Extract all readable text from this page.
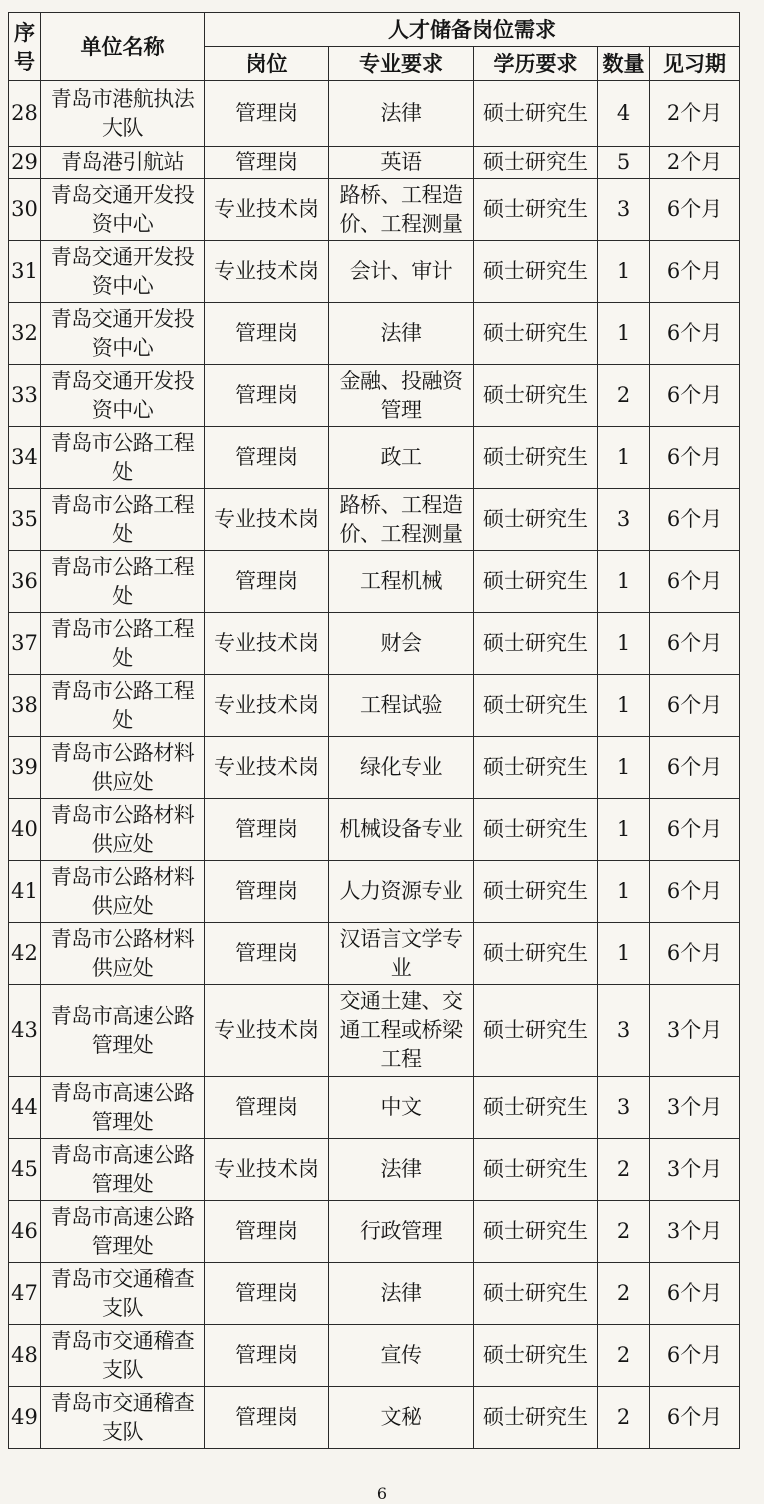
序号	单位名称	人才储备岗位需求				
		岗位	专业要求	学历要求	数量	见习期
28	青岛市港航执法大队	管理岗	法律	硕士研究生	4	2个月
29	青岛港引航站	管理岗	英语	硕士研究生	5	2个月
30	青岛交通开发投资中心	专业技术岗	路桥、工程造价、工程测量	硕士研究生	3	6个月
31	青岛交通开发投资中心	专业技术岗	会计、审计	硕士研究生	1	6个月
32	青岛交通开发投资中心	管理岗	法律	硕士研究生	1	6个月
33	青岛交通开发投资中心	管理岗	金融、投融资管理	硕士研究生	2	6个月
34	青岛市公路工程处	管理岗	政工	硕士研究生	1	6个月
35	青岛市公路工程处	专业技术岗	路桥、工程造价、工程测量	硕士研究生	3	6个月
36	青岛市公路工程处	管理岗	工程机械	硕士研究生	1	6个月
37	青岛市公路工程处	专业技术岗	财会	硕士研究生	1	6个月
38	青岛市公路工程处	专业技术岗	工程试验	硕士研究生	1	6个月
39	青岛市公路材料供应处	专业技术岗	绿化专业	硕士研究生	1	6个月
40	青岛市公路材料供应处	管理岗	机械设备专业	硕士研究生	1	6个月
41	青岛市公路材料供应处	管理岗	人力资源专业	硕士研究生	1	6个月
42	青岛市公路材料供应处	管理岗	汉语言文学专业	硕士研究生	1	6个月
43	青岛市高速公路管理处	专业技术岗	交通土建、交通工程或桥梁工程	硕士研究生	3	3个月
44	青岛市高速公路管理处	管理岗	中文	硕士研究生	3	3个月
45	青岛市高速公路管理处	专业技术岗	法律	硕士研究生	2	3个月
46	青岛市高速公路管理处	管理岗	行政管理	硕士研究生	2	3个月
47	青岛市交通稽查支队	管理岗	法律	硕士研究生	2	6个月
48	青岛市交通稽查支队	管理岗	宣传	硕士研究生	2	6个月
49	青岛市交通稽查支队	管理岗	文秘	硕士研究生	2	6个月
6
